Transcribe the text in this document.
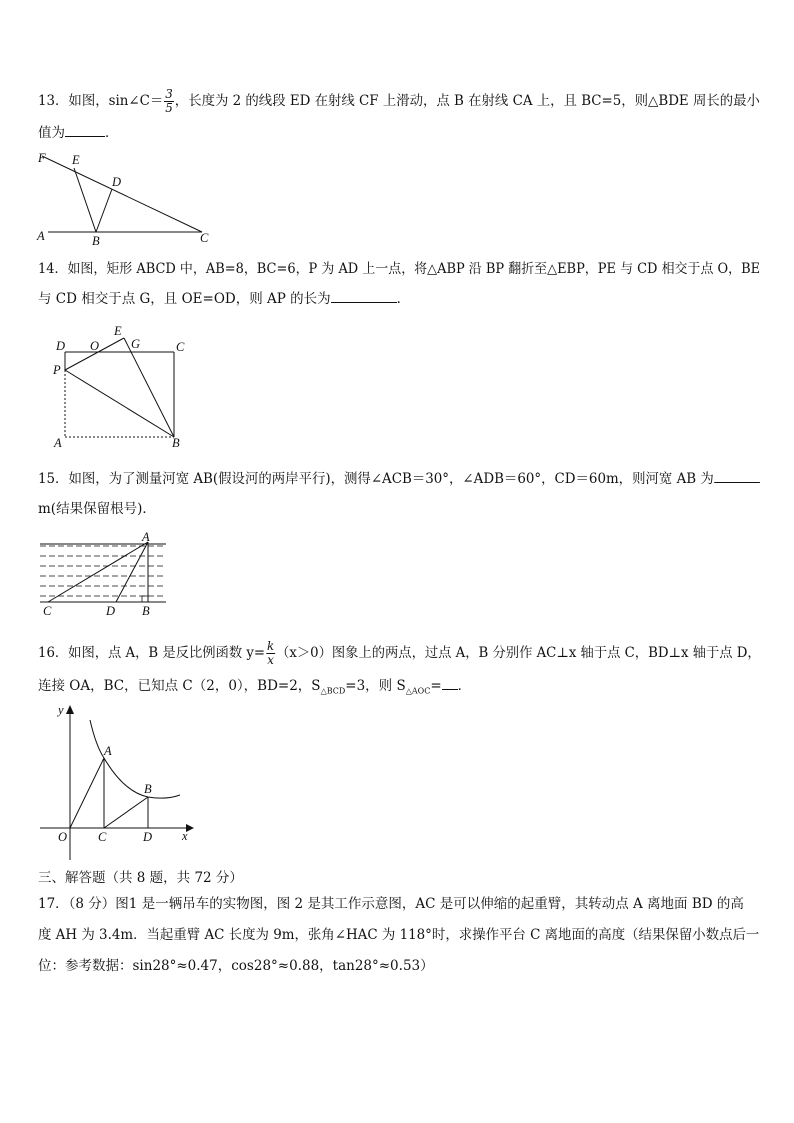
13．如图，sin∠C＝ $\frac{3}{5}$ ，长度为 2 的线段 ED 在射线 CF 上滑动，点 B 在射线 CA 上，且 BC=5，则△BDE 周长的最小
值为	．
F E
D
A	B	C
14．如图，矩形 ABCD 中，AB=8，BC=6，P 为 AD 上一点，将△ABP 沿 BP 翻折至△EBP，PE 与 CD 相交于点 O，BE
与 CD 相交于点 G，且 OE=OD，则 AP 的长为	．
D O
E
G	C
P
A	B
15．如图，为了测量河宽 AB(假设河的两岸平行)，测得∠ACB＝30°，∠ADB＝60°，CD＝60m，则河宽 AB 为
m(结果保留根号)．
A
C	D B
16．如图，点 A，B 是反比例函数 $y= \frac{k}{x} (x>0)$图象上的两点，过点 A，B 分别作 AC⊥x 轴于点 C，BD⊥x 轴于点 D，
连接 OA，BC，已知点 C（2，0），BD=2，$S_{\triangle BCD}=3$，则 $S_{\triangle AOC}=$ ．
y
x
O
A
B
C	D
三、解答题（共 8 题，共 72 分）
17．（8 分）图1 是一辆吊车的实物图，图 2 是其工作示意图，AC 是可以伸缩的起重臂，其转动点 A 离地面 BD 的高
度 AH 为 3.4m．当起重臂 AC 长度为 9m，张角∠HAC 为 118°时，求操作平台 C 离地面的高度（结果保留小数点后一
位：参考数据：sin28°≈0.47，cos28°≈0.88，tan28°≈0.53）
